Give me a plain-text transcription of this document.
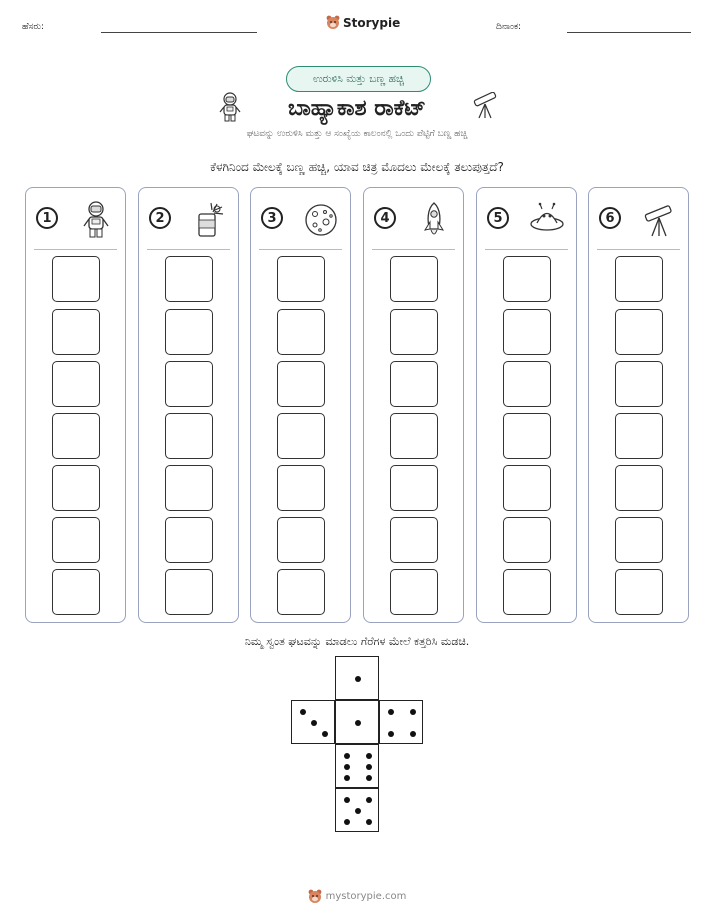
ಹೆಸರು:	Storypie	ದಿನಾಂಕ:
ಉರುಳಿಸಿ ಮತ್ತು ಬಣ್ಣ ಹಚ್ಚಿ
ಬಾಹ್ಯಾಕಾಶ ರಾಕೆಟ್
ಘಟವನ್ನು ಉರುಳಿಸಿ ಮತ್ತು ಆ ಸಂಖ್ಯೆಯ ಕಾಲಂನಲ್ಲಿ ಒಂದು ಪೆಟ್ಟಿಗೆ ಬಣ್ಣ ಹಚ್ಚಿ
ಕೆಳಗಿನಿಂದ ಮೇಲಕ್ಕೆ ಬಣ್ಣ ಹಚ್ಚಿ, ಯಾವ ಚಿತ್ರ ಮೊದಲು ಮೇಲಕ್ಕೆ ತಲುಪುತ್ತದೆ?
1	2	3	4	5	6
ನಿಮ್ಮ ಸ್ವಂತ ಘಟವನ್ನು ಮಾಡಲು ಗೆರೆಗಳ ಮೇಲೆ ಕತ್ತರಿಸಿ ಮಡಚಿ.
mystorypie.com
